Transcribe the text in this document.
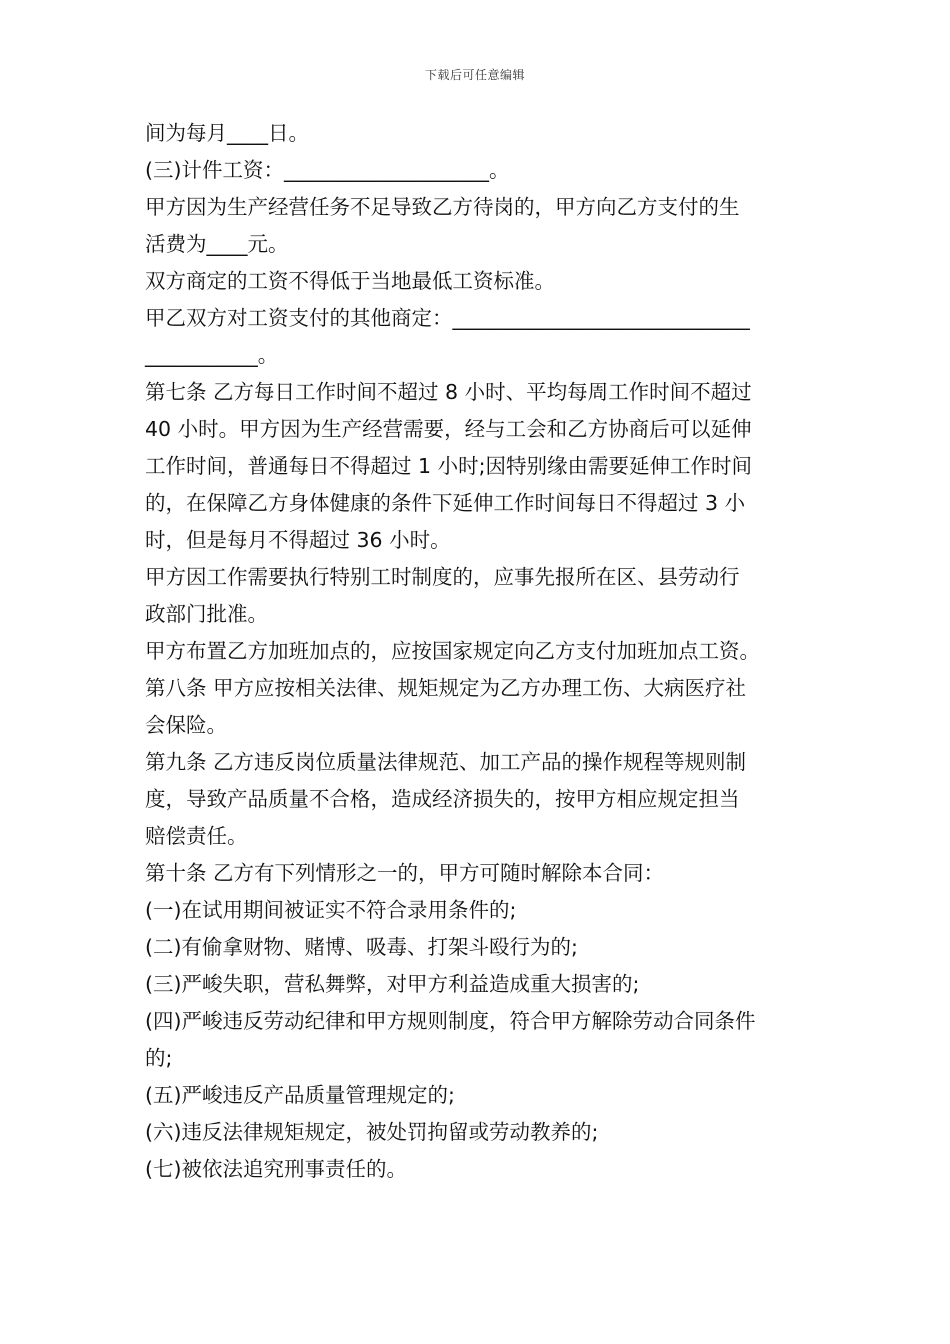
下载后可任意编辑
间为每月____日。
(三)计件工资：____________________。
甲方因为生产经营任务不足导致乙方待岗的，甲方向乙方支付的生
活费为____元。
双方商定的工资不得低于当地最低工资标准。
甲乙双方对工资支付的其他商定：_____________________________
___________。
第七条 乙方每日工作时间不超过 8 小时、平均每周工作时间不超过
40 小时。甲方因为生产经营需要，经与工会和乙方协商后可以延伸
工作时间，普通每日不得超过 1 小时;因特别缘由需要延伸工作时间
的，在保障乙方身体健康的条件下延伸工作时间每日不得超过 3 小
时，但是每月不得超过 36 小时。
甲方因工作需要执行特别工时制度的，应事先报所在区、县劳动行
政部门批准。
甲方布置乙方加班加点的，应按国家规定向乙方支付加班加点工资。
第八条 甲方应按相关法律、规矩规定为乙方办理工伤、大病医疗社
会保险。
第九条 乙方违反岗位质量法律规范、加工产品的操作规程等规则制
度，导致产品质量不合格，造成经济损失的，按甲方相应规定担当
赔偿责任。
第十条 乙方有下列情形之一的，甲方可随时解除本合同：
(一)在试用期间被证实不符合录用条件的;
(二)有偷拿财物、赌博、吸毒、打架斗殴行为的;
(三)严峻失职，营私舞弊，对甲方利益造成重大损害的;
(四)严峻违反劳动纪律和甲方规则制度，符合甲方解除劳动合同条件
的;
(五)严峻违反产品质量管理规定的;
(六)违反法律规矩规定，被处罚拘留或劳动教养的;
(七)被依法追究刑事责任的。
